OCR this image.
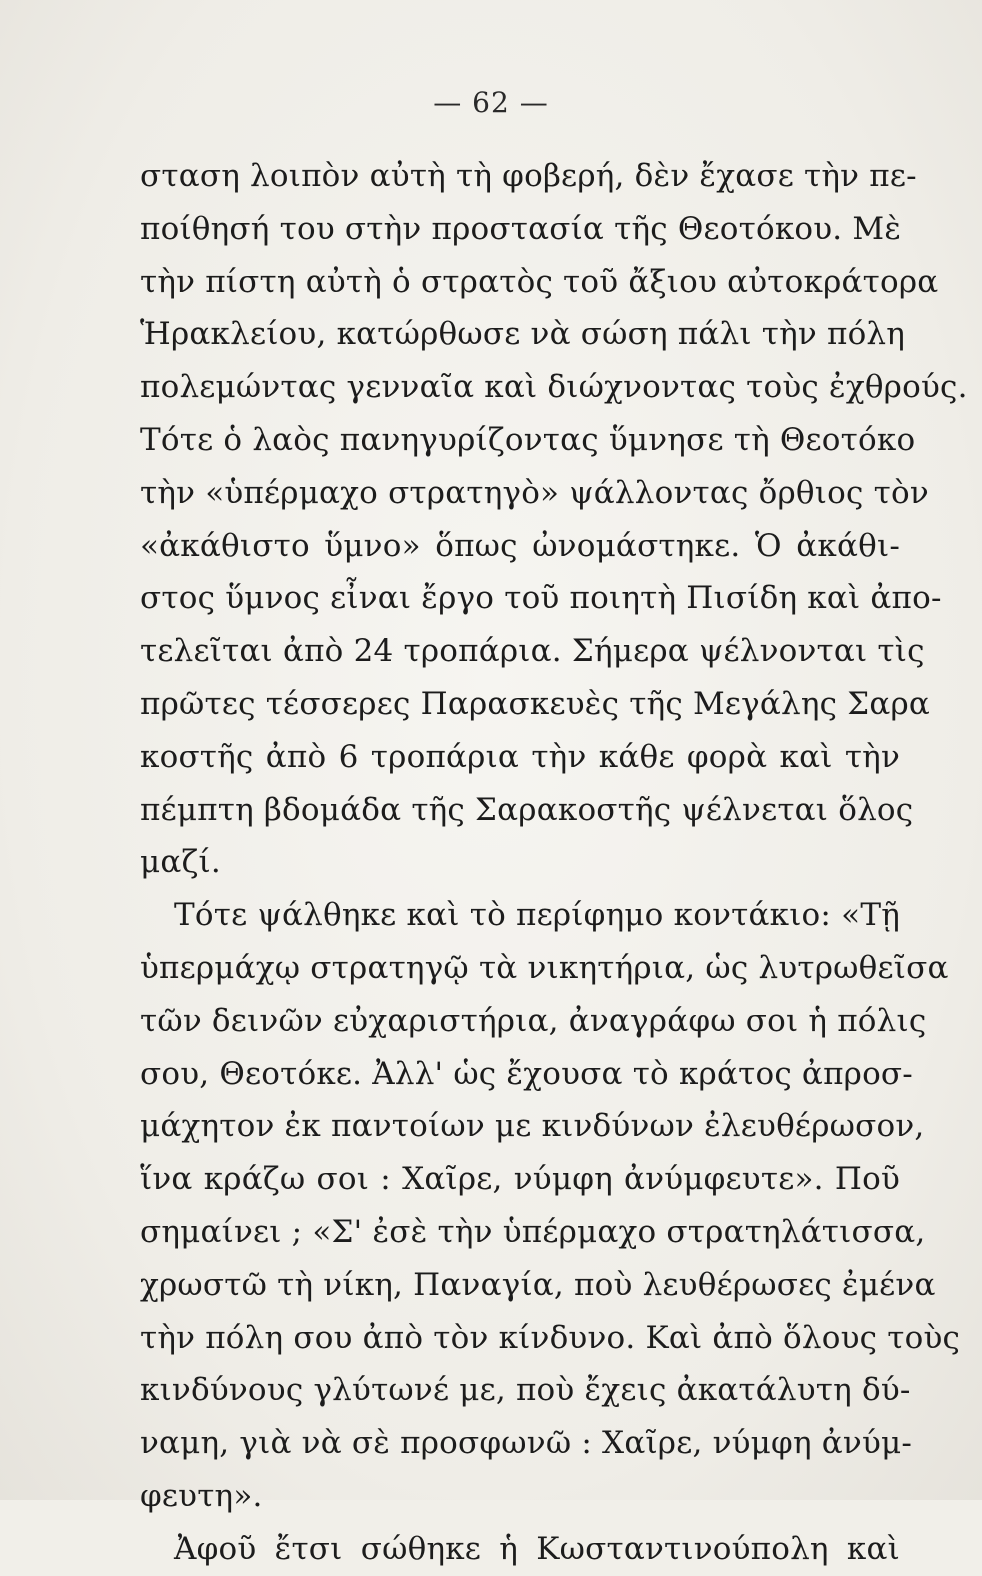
— 62 —
σταση λοιπὸν αὐτὴ τὴ φοβερή, δὲν ἔχασε τὴν πε-
ποίθησή του στὴν προστασία τῆς Θεοτόκου. Μὲ
τὴν πίστη αὐτὴ ὁ στρατὸς τοῦ ἄξιου αὐτοκράτορα
Ἡρακλείου, κατώρθωσε νὰ σώση πάλι τὴν πόλη
πολεμώντας γενναῖα καὶ διώχνοντας τοὺς ἐχθρούς.
Τότε ὁ λαὸς πανηγυρίζοντας ὕμνησε τὴ Θεοτόκο
τὴν «ὑπέρμαχο στρατηγὸ» ψάλλοντας ὄρθιος τὸν
«ἀκάθιστο ὕμνο» ὅπως ὠνομάστηκε. Ὁ ἀκάθι-
στος ὕμνος εἶναι ἔργο τοῦ ποιητὴ Πισίδη καὶ ἀπο-
τελεῖται ἀπὸ 24 τροπάρια. Σήμερα ψέλνονται τὶς
πρῶτες τέσσερες Παρασκευὲς τῆς Μεγάλης Σαρα
κοστῆς ἀπὸ 6 τροπάρια τὴν κάθε φορὰ καὶ τὴν
πέμπτη βδομάδα τῆς Σαρακοστῆς ψέλνεται ὅλος
μαζί.
Τότε ψάλθηκε καὶ τὸ περίφημο κοντάκιο: «Τῇ
ὑπερμάχῳ στρατηγῷ τὰ νικητήρια, ὡς λυτρωθεῖσα
τῶν δεινῶν εὐχαριστήρια, ἀναγράφω σοι ἡ πόλις
σου, Θεοτόκε. Ἀλλ' ὡς ἔχουσα τὸ κράτος ἀπροσ-
μάχητον ἐκ παντοίων με κινδύνων ἐλευθέρωσον,
ἵνα κράζω σοι : Χαῖρε, νύμφη ἀνύμφευτε». Ποῦ
σημαίνει ; «Σ' ἐσὲ τὴν ὑπέρμαχο στρατηλάτισσα,
χρωστῶ τὴ νίκη, Παναγία, ποὺ λευθέρωσες ἐμένα
τὴν πόλη σου ἀπὸ τὸν κίνδυνο. Καὶ ἀπὸ ὅλους τοὺς
κινδύνους γλύτωνέ με, ποὺ ἔχεις ἀκατάλυτη δύ-
ναμη, γιὰ νὰ σὲ προσφωνῶ : Χαῖρε, νύμφη ἀνύμ-
φευτη».
Ἀφοῦ ἔτσι σώθηκε ἡ Κωσταντινούπολη καὶ
